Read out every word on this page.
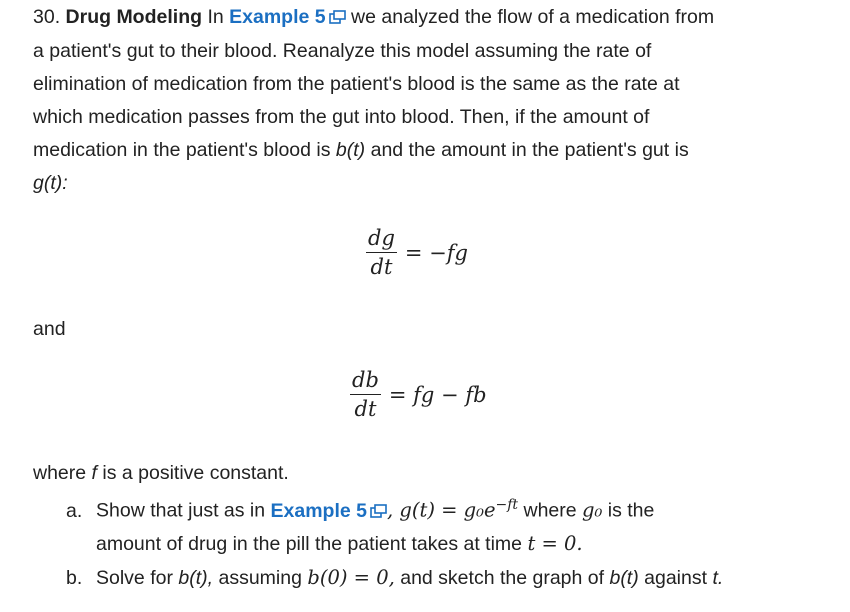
30. Drug Modeling In Example 5 we analyzed the flow of a medication from
a patient's gut to their blood. Reanalyze this model assuming the rate of
elimination of medication from the patient's blood is the same as the rate at
which medication passes from the gut into blood. Then, if the amount of
medication in the patient's blood is b(t) and the amount in the patient's gut is
g(t):
$\frac{dg}{dt} = -fg$
and
$\frac{db}{dt}$ = fg − fb
where f is a positive constant.
a. Show that just as in Example 5 , $g(t) = g_0e^{-ft}$ where g₀ is the
amount of drug in the pill the patient takes at time t = 0.
b. Solve for b(t), assuming b(0) = 0, and sketch the graph of b(t) against t.
